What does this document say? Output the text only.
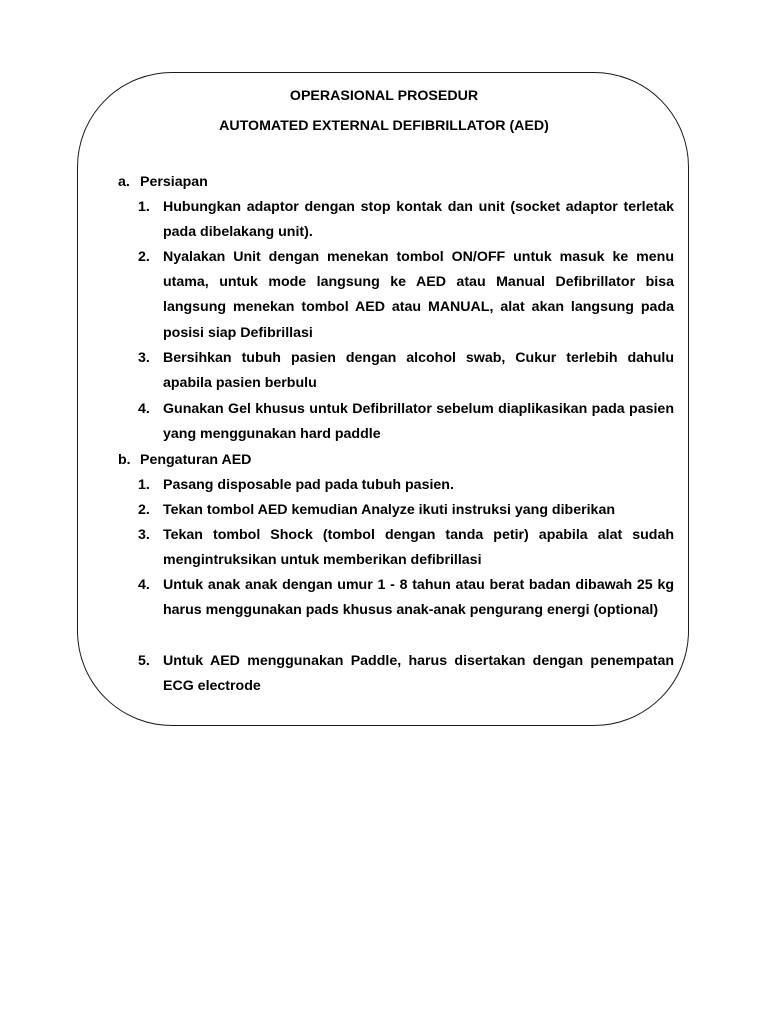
OPERASIONAL PROSEDUR
AUTOMATED EXTERNAL DEFIBRILLATOR (AED)
a. Persiapan
1. Hubungkan adaptor dengan stop kontak dan unit (socket adaptor terletak pada dibelakang unit).
2. Nyalakan Unit dengan menekan tombol ON/OFF untuk masuk ke menu utama, untuk mode langsung ke AED atau Manual Defibrillator bisa langsung menekan tombol AED atau MANUAL, alat akan langsung pada posisi siap Defibrillasi
3. Bersihkan tubuh pasien dengan alcohol swab, Cukur terlebih dahulu apabila pasien berbulu
4. Gunakan Gel khusus untuk Defibrillator sebelum diaplikasikan pada pasien yang menggunakan hard paddle
b. Pengaturan AED
1. Pasang disposable pad pada tubuh pasien.
2. Tekan tombol AED kemudian Analyze ikuti instruksi yang diberikan
3. Tekan tombol Shock (tombol dengan tanda petir) apabila alat sudah mengintruksikan untuk memberikan defibrillasi
4. Untuk anak anak dengan umur 1 - 8 tahun atau berat badan dibawah 25 kg harus menggunakan pads khusus anak-anak pengurang energi (optional)
5. Untuk AED menggunakan Paddle, harus disertakan dengan penempatan ECG electrode
